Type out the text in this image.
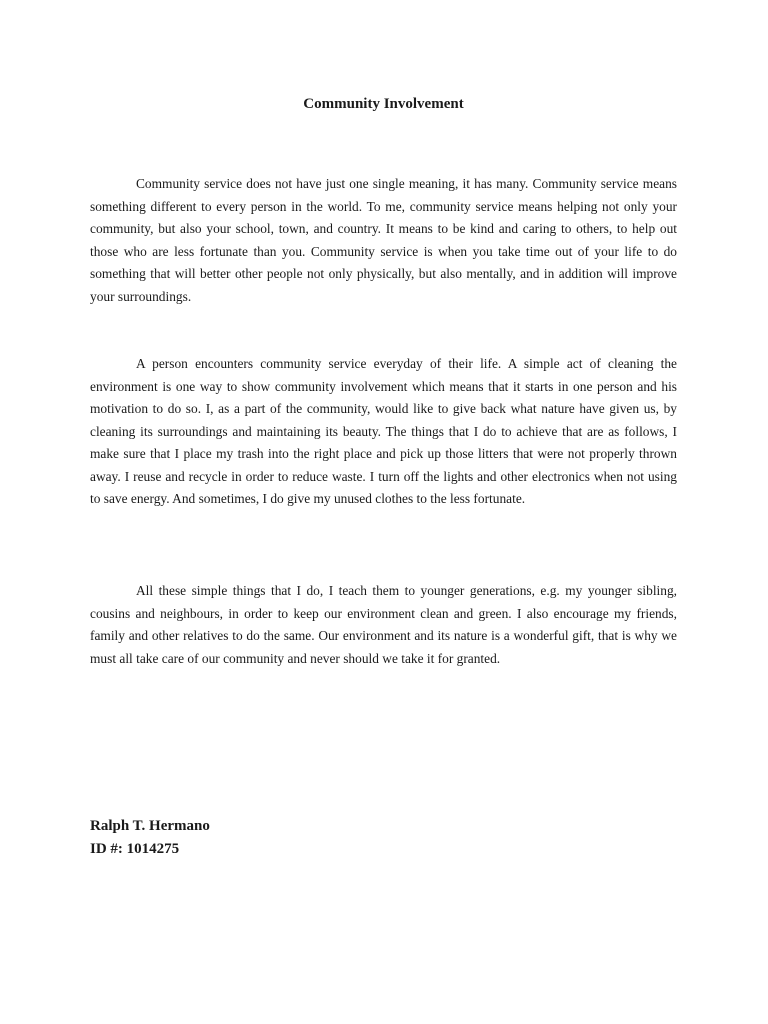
Community Involvement

Community service does not have just one single meaning, it has many. Community service means something different to every person in the world. To me, community service means helping not only your community, but also your school, town, and country. It means to be kind and caring to others, to help out those who are less fortunate than you. Community service is when you take time out of your life to do something that will better other people not only physically, but also mentally, and in addition will improve your surroundings.

A person encounters community service everyday of their life. A simple act of cleaning the environment is one way to show community involvement which means that it starts in one person and his motivation to do so. I, as a part of the community, would like to give back what nature have given us, by cleaning its surroundings and maintaining its beauty. The things that I do to achieve that are as follows, I make sure that I place my trash into the right place and pick up those litters that were not properly thrown away. I reuse and recycle in order to reduce waste. I turn off the lights and other electronics when not using to save energy. And sometimes, I do give my unused clothes to the less fortunate.

All these simple things that I do, I teach them to younger generations, e.g. my younger sibling, cousins and neighbours, in order to keep our environment clean and green. I also encourage my friends, family and other relatives to do the same. Our environment and its nature is a wonderful gift, that is why we must all take care of our community and never should we take it for granted.

Ralph T. Hermano

ID #: 1014275
